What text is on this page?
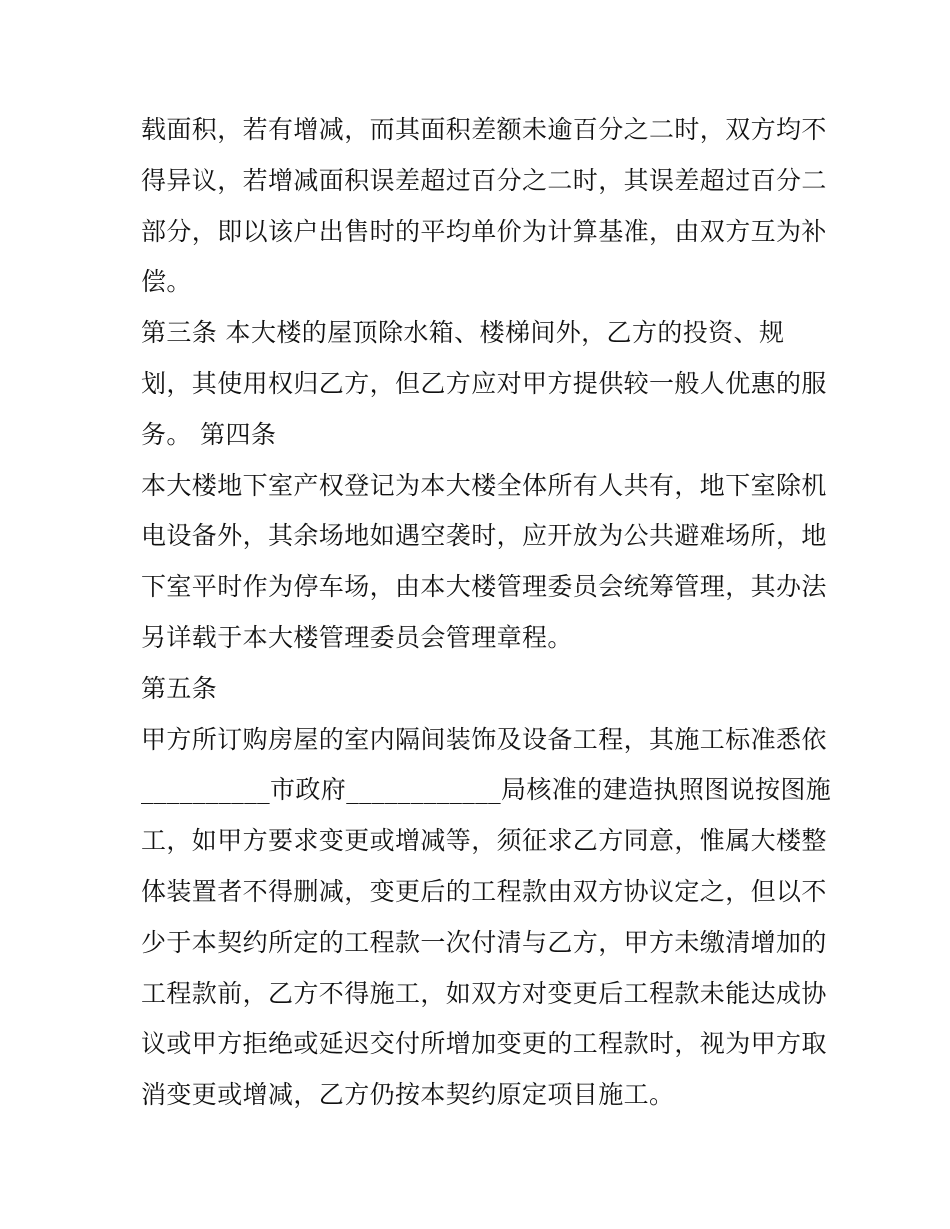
载面积，若有增减，而其面积差额未逾百分之二时，双方均不
得异议，若增减面积误差超过百分之二时，其误差超过百分二
部分，即以该户出售时的平均单价为计算基准，由双方互为补
偿。
第三条 本大楼的屋顶除水箱、楼梯间外，乙方的投资、规
划，其使用权归乙方，但乙方应对甲方提供较一般人优惠的服
务。 第四条
本大楼地下室产权登记为本大楼全体所有人共有，地下室除机
电设备外，其余场地如遇空袭时，应开放为公共避难场所，地
下室平时作为停车场，由本大楼管理委员会统筹管理，其办法
另详载于本大楼管理委员会管理章程。
第五条
甲方所订购房屋的室内隔间装饰及设备工程，其施工标准悉依
__________市政府____________局核准的建造执照图说按图施
工，如甲方要求变更或增减等，须征求乙方同意，惟属大楼整
体装置者不得删减，变更后的工程款由双方协议定之，但以不
少于本契约所定的工程款一次付清与乙方，甲方未缴清增加的
工程款前，乙方不得施工，如双方对变更后工程款未能达成协
议或甲方拒绝或延迟交付所增加变更的工程款时，视为甲方取
消变更或增减，乙方仍按本契约原定项目施工。
